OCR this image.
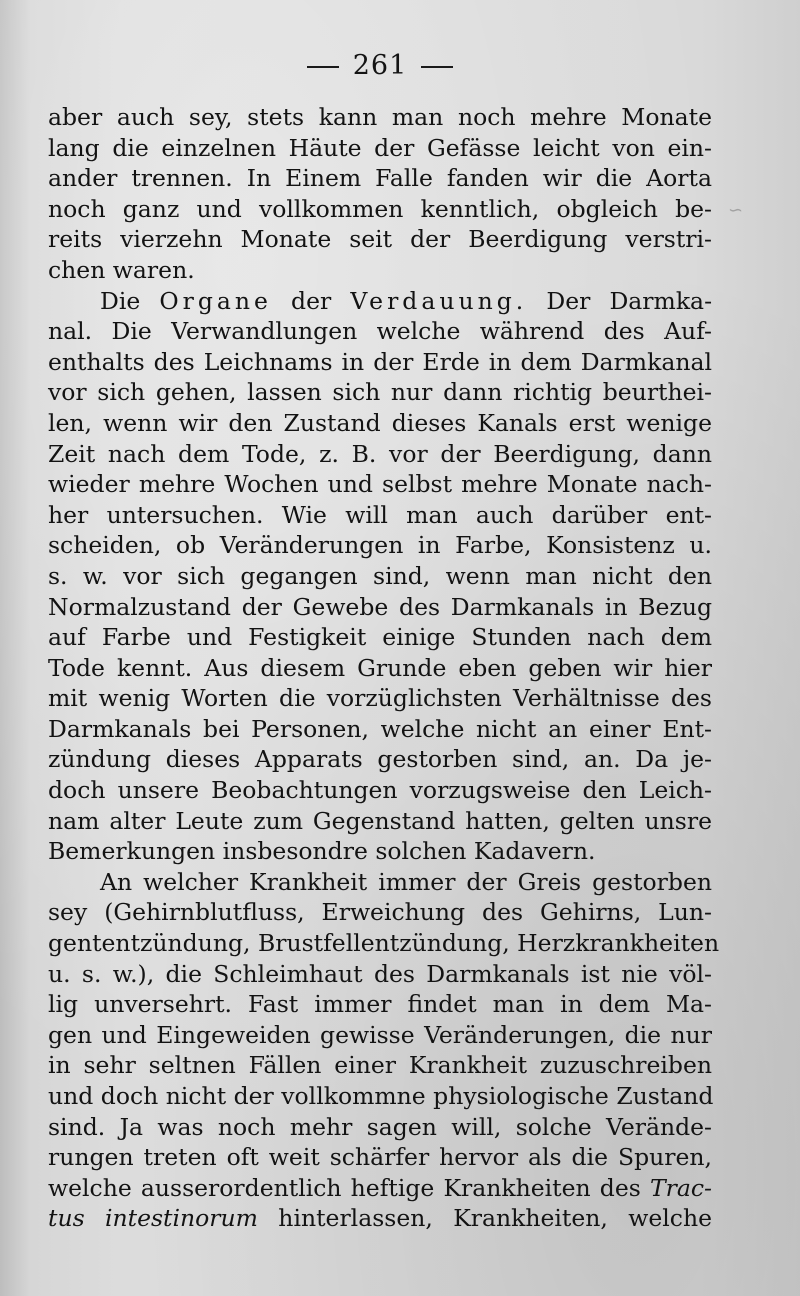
261
∽
aber auch sey, stets kann man noch mehre Monate
lang die einzelnen Häute der Gefässe leicht von ein-
ander trennen. In Einem Falle fanden wir die Aorta
noch ganz und vollkommen kenntlich, obgleich be-
reits vierzehn Monate seit der Beerdigung verstri-
chen waren.
Die Organe der Verdauung. Der Darmka-
nal. Die Verwandlungen welche während des Auf-
enthalts des Leichnams in der Erde in dem Darmkanal
vor sich gehen, lassen sich nur dann richtig beurthei-
len, wenn wir den Zustand dieses Kanals erst wenige
Zeit nach dem Tode, z. B. vor der Beerdigung, dann
wieder mehre Wochen und selbst mehre Monate nach-
her untersuchen. Wie will man auch darüber ent-
scheiden, ob Veränderungen in Farbe, Konsistenz u.
s. w. vor sich gegangen sind, wenn man nicht den
Normalzustand der Gewebe des Darmkanals in Bezug
auf Farbe und Festigkeit einige Stunden nach dem
Tode kennt. Aus diesem Grunde eben geben wir hier
mit wenig Worten die vorzüglichsten Verhältnisse des
Darmkanals bei Personen, welche nicht an einer Ent-
zündung dieses Apparats gestorben sind, an. Da je-
doch unsere Beobachtungen vorzugsweise den Leich-
nam alter Leute zum Gegenstand hatten, gelten unsre
Bemerkungen insbesondre solchen Kadavern.
An welcher Krankheit immer der Greis gestorben
sey (Gehirnblutfluss, Erweichung des Gehirns, Lun-
gententzündung, Brustfellentzündung, Herzkrankheiten
u. s. w.), die Schleimhaut des Darmkanals ist nie völ-
lig unversehrt. Fast immer findet man in dem Ma-
gen und Eingeweiden gewisse Veränderungen, die nur
in sehr seltnen Fällen einer Krankheit zuzuschreiben
und doch nicht der vollkommne physiologische Zustand
sind. Ja was noch mehr sagen will, solche Verände-
rungen treten oft weit schärfer hervor als die Spuren,
welche ausserordentlich heftige Krankheiten des Trac-
tus intestinorum hinterlassen, Krankheiten, welche
